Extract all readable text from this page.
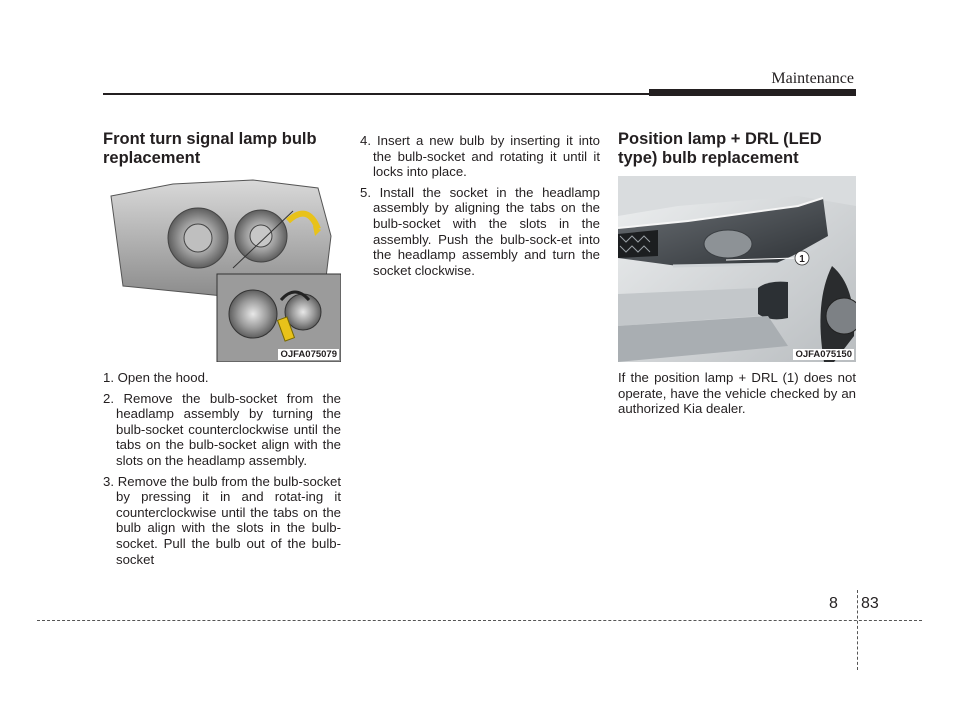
Maintenance
Front turn signal lamp bulb replacement
OJFA075079
1. Open the hood.
2. Remove the bulb-socket from the headlamp assembly by turning the bulb-socket counterclockwise until the tabs on the bulb-socket align with the slots on the headlamp assembly.
3. Remove the bulb from the bulb-socket by pressing it in and rotat-ing it counterclockwise until the tabs on the bulb align with the slots in the bulb-socket. Pull the bulb out of the bulb-socket
4. Insert a new bulb by inserting it into the bulb-socket and rotating it until it locks into place.
5. Install the socket in the headlamp assembly by aligning the tabs on the bulb-socket with the slots in the assembly. Push the bulb-sock-et into the headlamp assembly and turn the socket clockwise.
Position lamp + DRL (LED type) bulb replacement
1
OJFA075150

If the position lamp + DRL (1) does not operate, have the vehicle checked by an authorized Kia dealer.

8 83
